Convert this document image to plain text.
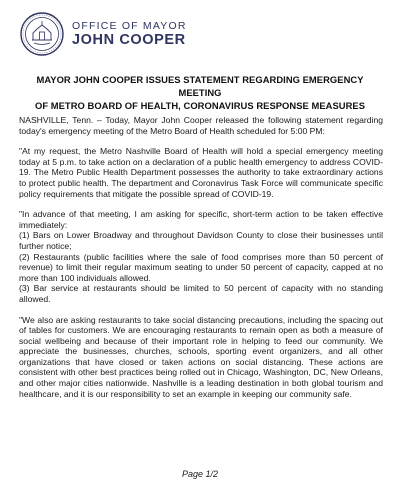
OFFICE OF MAYOR
JOHN COOPER
MAYOR JOHN COOPER ISSUES STATEMENT REGARDING EMERGENCY MEETING
OF METRO BOARD OF HEALTH, CORONAVIRUS RESPONSE MEASURES

NASHVILLE, Tenn. – Today, Mayor John Cooper released the following statement regarding today's emergency meeting of the Metro Board of Health scheduled for 5:00 PM:

"At my request, the Metro Nashville Board of Health will hold a special emergency meeting today at 5 p.m. to take action on a declaration of a public health emergency to address COVID-19. The Metro Public Health Department possesses the authority to take extraordinary actions to protect public health. The department and Coronavirus Task Force will communicate specific policy requirements that mitigate the possible spread of COVID-19.

"In advance of that meeting, I am asking for specific, short-term action to be taken effective immediately:

(1) Bars on Lower Broadway and throughout Davidson County to close their businesses until further notice;

(2) Restaurants (public facilities where the sale of food comprises more than 50 percent of revenue) to limit their regular maximum seating to under 50 percent of capacity, capped at no more than 100 individuals allowed.

(3) Bar service at restaurants should be limited to 50 percent of capacity with no standing allowed.

"We also are asking restaurants to take social distancing precautions, including the spacing out of tables for customers. We are encouraging restaurants to remain open as both a measure of social wellbeing and because of their important role in helping to feed our community. We appreciate the businesses, churches, schools, sporting event organizers, and all other organizations that have closed or taken actions on social distancing. These actions are consistent with other best practices being rolled out in Chicago, Washington, DC, New Orleans, and other major cities nationwide. Nashville is a leading destination in both global tourism and healthcare, and it is our responsibility to set an example in keeping our community safe.

Page 1/2
